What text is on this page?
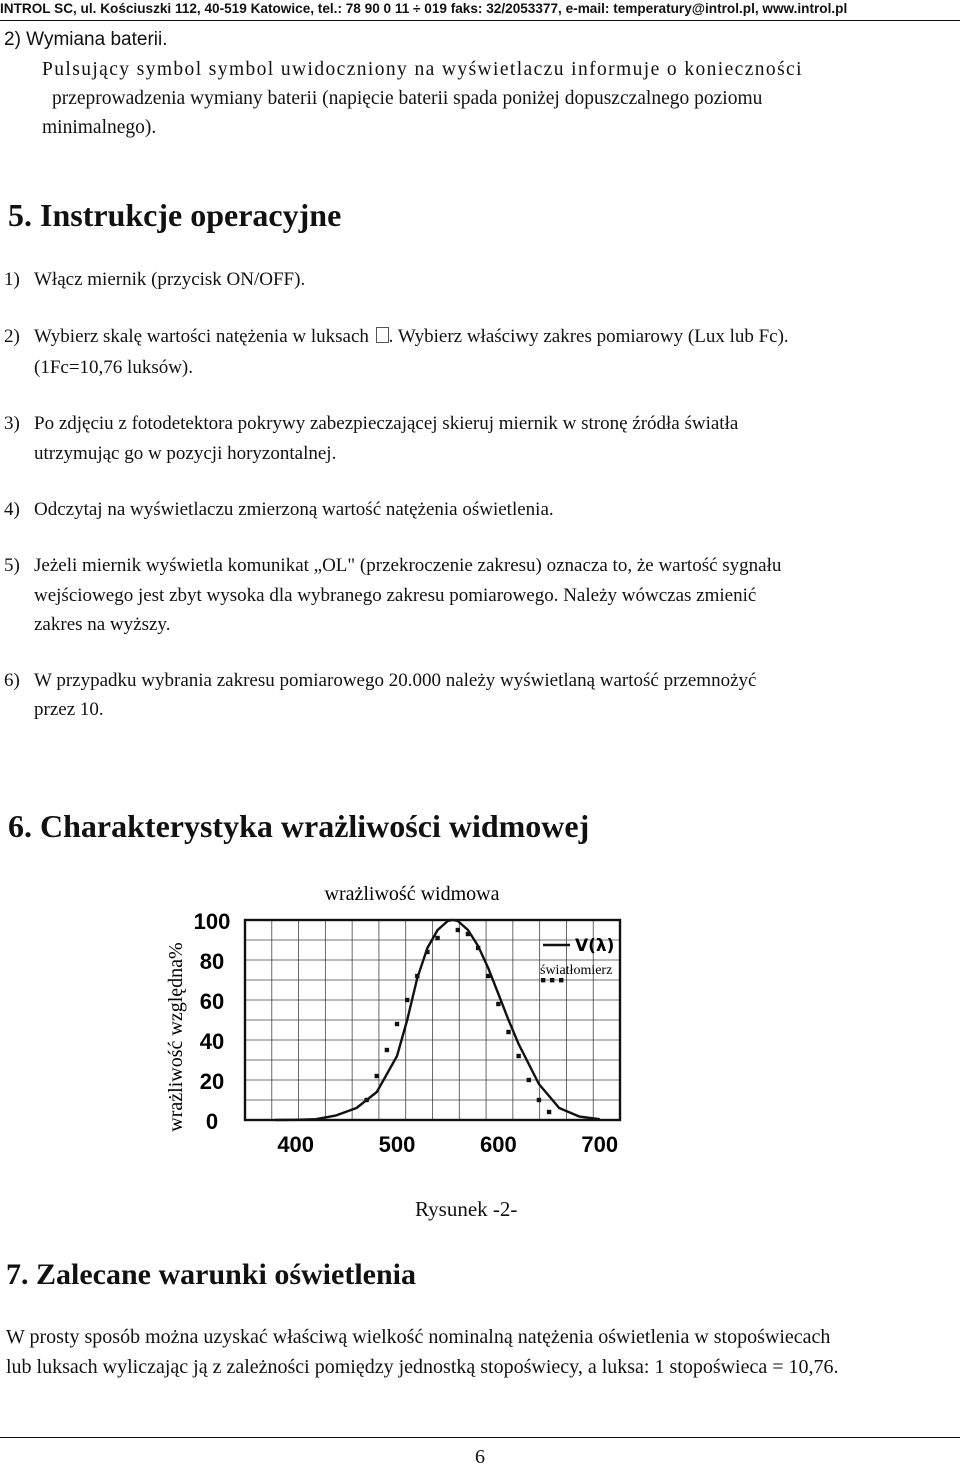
INTROL SC, ul. Kościuszki 112, 40-519 Katowice, tel.: 78 90 0 11 ÷ 019 faks: 32/2053377, e-mail: temperatury@introl.pl, www.introl.pl
2) Wymiana baterii.
Pulsujący symbol symbol uwidoczniony na wyświetlaczu informuje o konieczności
przeprowadzenia wymiany baterii (napięcie baterii spada poniżej dopuszczalnego poziomu
minimalnego).
5. Instrukcje operacyjne
1) Włącz miernik (przycisk ON/OFF).
2) Wybierz skalę wartości natężenia w luksach . Wybierz właściwy zakres pomiarowy (Lux lub Fc).
(1Fc=10,76 luksów).
3) Po zdjęciu z fotodetektora pokrywy zabezpieczającej skieruj miernik w stronę źródła światła
utrzymując go w pozycji horyzontalnej.
4) Odczytaj na wyświetlaczu zmierzoną wartość natężenia oświetlenia.
5) Jeżeli miernik wyświetla komunikat „OL" (przekroczenie zakresu) oznacza to, że wartość sygnału
wejściowego jest zbyt wysoka dla wybranego zakresu pomiarowego. Należy wówczas zmienić
zakres na wyższy.
6) W przypadku wybrania zakresu pomiarowego 20.000 należy wyświetlaną wartość przemnożyć
przez 10.
6. Charakterystyka wrażliwości widmowej
wrażliwość widmowa
wrażliwość względna%
100
80
60
40
20
0
400	500	600	700
V(λ)
światłomierz
Rysunek -2-
7. Zalecane warunki oświetlenia
W prosty sposób można uzyskać właściwą wielkość nominalną natężenia oświetlenia w stopoświecach
lub luksach wyliczając ją z zależności pomiędzy jednostką stopoświecy, a luksa: 1 stopoświeca = 10,76.
6
